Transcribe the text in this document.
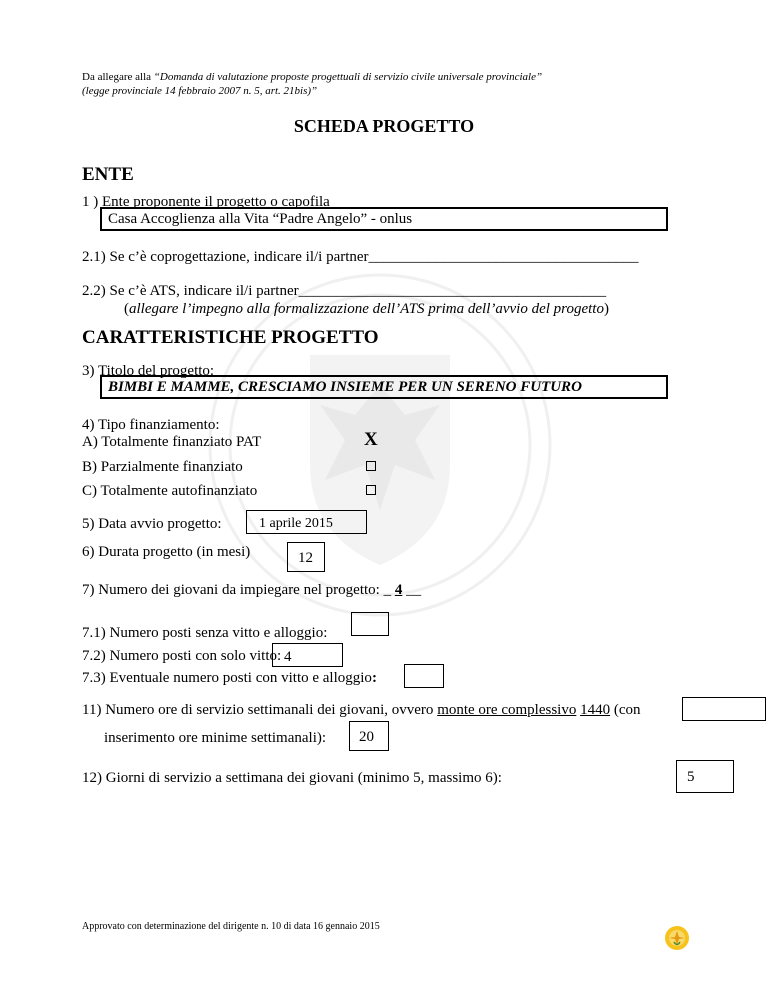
Da allegare alla “Domanda di valutazione proposte progettuali di servizio civile universale provinciale”
(legge provinciale 14 febbraio 2007 n. 5, art. 21bis)”
SCHEDA PROGETTO
ENTE
1 ) Ente proponente il progetto o capofila
Casa Accoglienza alla Vita “Padre Angelo” - onlus
2.1) Se c’è coprogettazione, indicare il/i partner____________________________________
2.2) Se c’è ATS, indicare il/i partner_________________________________________
(allegare l’impegno alla formalizzazione dell’ATS prima dell’avvio del progetto)
CARATTERISTICHE PROGETTO
3) Titolo del progetto:
BIMBI E MAMME, CRESCIAMO INSIEME PER UN SERENO FUTURO
4) Tipo finanziamento:
A) Totalmente finanziato PAT	X
B) Parzialmente finanziato
C) Totalmente autofinanziato
5) Data avvio progetto:	1 aprile 2015
6) Durata progetto (in mesi)	12
7) Numero dei giovani da impiegare nel progetto: _ 4 __
7.1) Numero posti senza vitto e alloggio:
7.2) Numero posti con solo vitto: 4
7.3) Eventuale numero posti con vitto e alloggio:
11) Numero ore di servizio settimanali dei giovani, ovvero monte ore complessivo 1440 (con
inserimento ore minime settimanali): 20
12) Giorni di servizio a settimana dei giovani (minimo 5, massimo 6):	5
Approvato con determinazione del dirigente n. 10 di data 16 gennaio 2015
